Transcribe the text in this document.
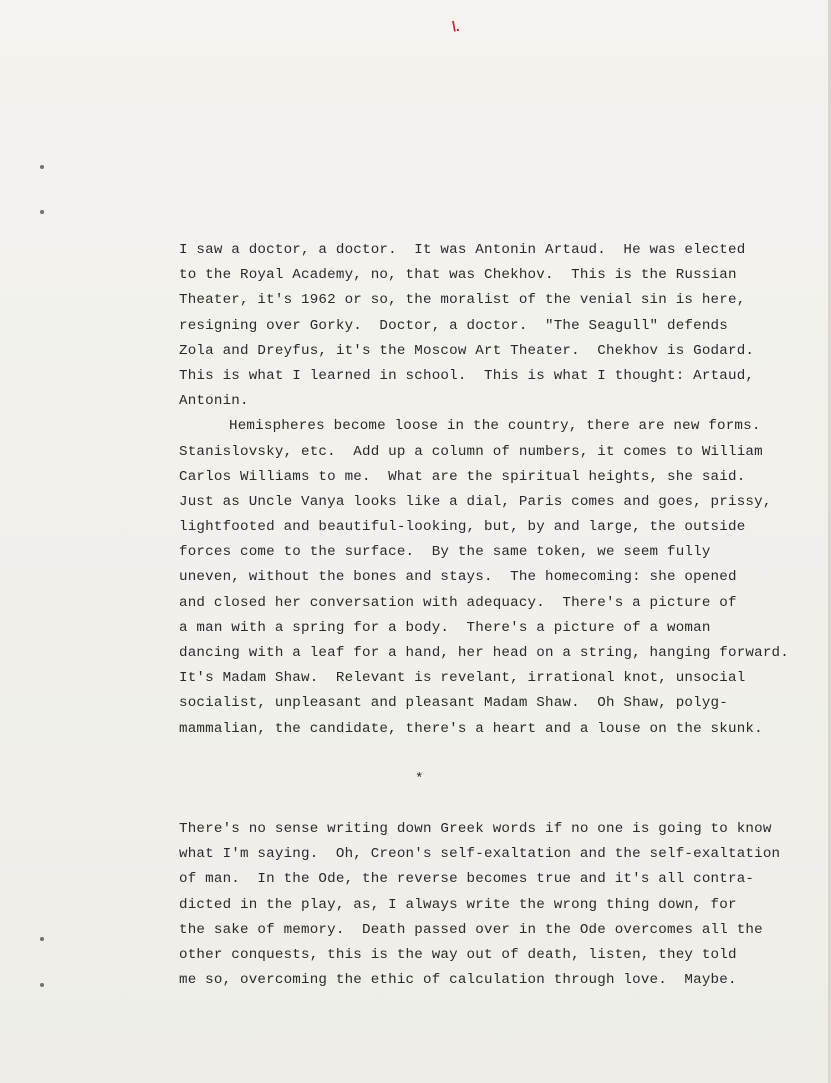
\.
I saw a doctor, a doctor.  It was Antonin Artaud.  He was elected
to the Royal Academy, no, that was Chekhov.  This is the Russian
Theater, it's 1962 or so, the moralist of the venial sin is here,
resigning over Gorky.  Doctor, a doctor.  "The Seagull" defends
Zola and Dreyfus, it's the Moscow Art Theater.  Chekhov is Godard.
This is what I learned in school.  This is what I thought: Artaud,
Antonin.
Hemispheres become loose in the country, there are new forms.
Stanislovsky, etc.  Add up a column of numbers, it comes to William
Carlos Williams to me.  What are the spiritual heights, she said.
Just as Uncle Vanya looks like a dial, Paris comes and goes, prissy,
lightfooted and beautiful-looking, but, by and large, the outside
forces come to the surface.  By the same token, we seem fully
uneven, without the bones and stays.  The homecoming: she opened
and closed her conversation with adequacy.  There's a picture of
a man with a spring for a body.  There's a picture of a woman
dancing with a leaf for a hand, her head on a string, hanging forward.
It's Madam Shaw.  Relevant is revelant, irrational knot, unsocial
socialist, unpleasant and pleasant Madam Shaw.  Oh Shaw, polyg-
mammalian, the candidate, there's a heart and a louse on the skunk.
*
There's no sense writing down Greek words if no one is going to know
what I'm saying.  Oh, Creon's self-exaltation and the self-exaltation
of man.  In the Ode, the reverse becomes true and it's all contra-
dicted in the play, as, I always write the wrong thing down, for
the sake of memory.  Death passed over in the Ode overcomes all the
other conquests, this is the way out of death, listen, they told
me so, overcoming the ethic of calculation through love.  Maybe.
